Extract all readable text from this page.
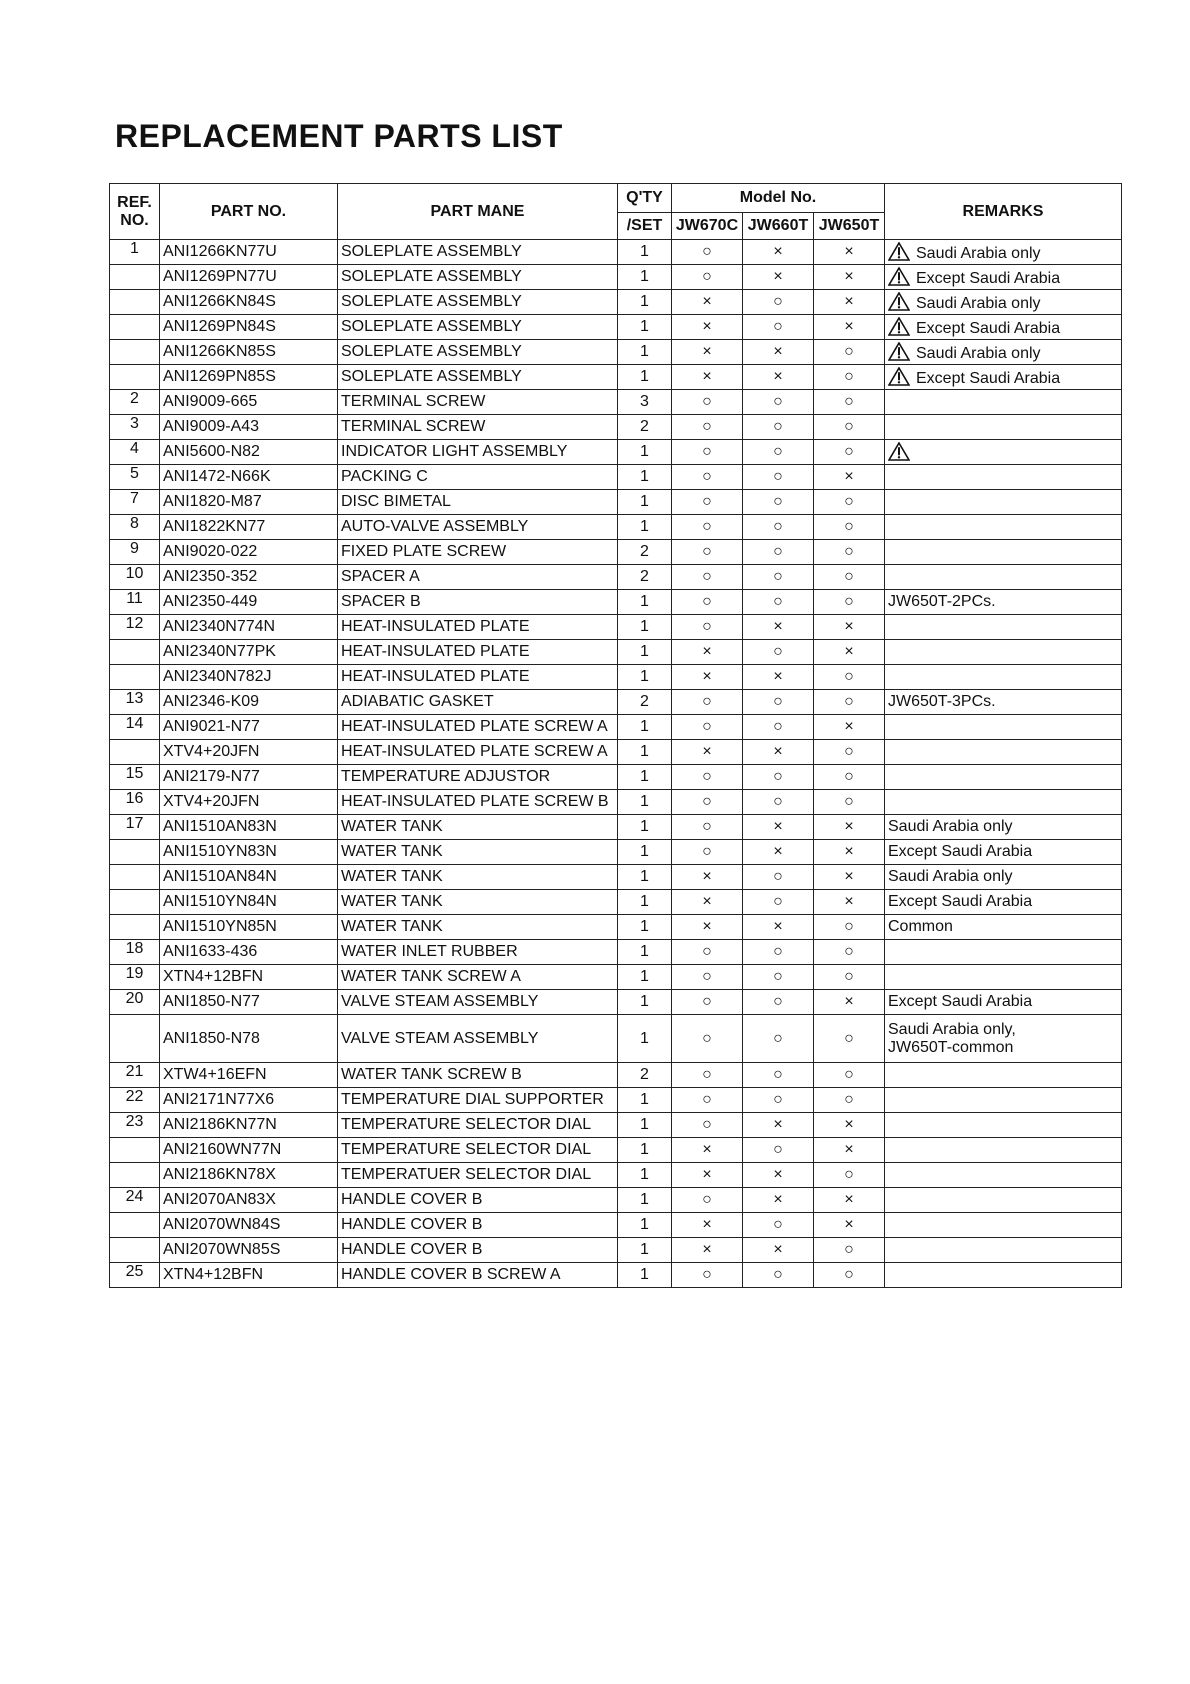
REPLACEMENT PARTS LIST
REF.
NO.	PART NO.	PART MANE	Q'TY	Model No.			REMARKS
			/SET	JW670C	JW660T	JW650T	
1	ANI1266KN77U	SOLEPLATE ASSEMBLY	1	○	×	×	Saudi Arabia only
	ANI1269PN77U	SOLEPLATE ASSEMBLY	1	○	×	×	Except Saudi Arabia
	ANI1266KN84S	SOLEPLATE ASSEMBLY	1	×	○	×	Saudi Arabia only
	ANI1269PN84S	SOLEPLATE ASSEMBLY	1	×	○	×	Except Saudi Arabia
	ANI1266KN85S	SOLEPLATE ASSEMBLY	1	×	×	○	Saudi Arabia only
	ANI1269PN85S	SOLEPLATE ASSEMBLY	1	×	×	○	Except Saudi Arabia
2	ANI9009-665	TERMINAL SCREW	3	○	○	○	
3	ANI9009-A43	TERMINAL SCREW	2	○	○	○	
4	ANI5600-N82	INDICATOR LIGHT ASSEMBLY	1	○	○	○	
5	ANI1472-N66K	PACKING C	1	○	○	×	
7	ANI1820-M87	DISC BIMETAL	1	○	○	○	
8	ANI1822KN77	AUTO-VALVE ASSEMBLY	1	○	○	○	
9	ANI9020-022	FIXED PLATE SCREW	2	○	○	○	
10	ANI2350-352	SPACER A	2	○	○	○	
11	ANI2350-449	SPACER B	1	○	○	○	JW650T-2PCs.
12	ANI2340N774N	HEAT-INSULATED PLATE	1	○	×	×	
	ANI2340N77PK	HEAT-INSULATED PLATE	1	×	○	×	
	ANI2340N782J	HEAT-INSULATED PLATE	1	×	×	○	
13	ANI2346-K09	ADIABATIC GASKET	2	○	○	○	JW650T-3PCs.
14	ANI9021-N77	HEAT-INSULATED PLATE SCREW A	1	○	○	×	
	XTV4+20JFN	HEAT-INSULATED PLATE SCREW A	1	×	×	○	
15	ANI2179-N77	TEMPERATURE ADJUSTOR	1	○	○	○	
16	XTV4+20JFN	HEAT-INSULATED PLATE SCREW B	1	○	○	○	
17	ANI1510AN83N	WATER TANK	1	○	×	×	Saudi Arabia only
	ANI1510YN83N	WATER TANK	1	○	×	×	Except Saudi Arabia
	ANI1510AN84N	WATER TANK	1	×	○	×	Saudi Arabia only
	ANI1510YN84N	WATER TANK	1	×	○	×	Except Saudi Arabia
	ANI1510YN85N	WATER TANK	1	×	×	○	Common
18	ANI1633-436	WATER INLET RUBBER	1	○	○	○	
19	XTN4+12BFN	WATER TANK SCREW A	1	○	○	○	
20	ANI1850-N77	VALVE STEAM ASSEMBLY	1	○	○	×	Except Saudi Arabia
	ANI1850-N78	VALVE STEAM ASSEMBLY	1	○	○	○	Saudi Arabia only,
JW650T-common
21	XTW4+16EFN	WATER TANK SCREW B	2	○	○	○	
22	ANI2171N77X6	TEMPERATURE DIAL SUPPORTER	1	○	○	○	
23	ANI2186KN77N	TEMPERATURE SELECTOR DIAL	1	○	×	×	
	ANI2160WN77N	TEMPERATURE SELECTOR DIAL	1	×	○	×	
	ANI2186KN78X	TEMPERATUER SELECTOR DIAL	1	×	×	○	
24	ANI2070AN83X	HANDLE COVER B	1	○	×	×	
	ANI2070WN84S	HANDLE COVER B	1	×	○	×	
	ANI2070WN85S	HANDLE COVER B	1	×	×	○	
25	XTN4+12BFN	HANDLE COVER B SCREW A	1	○	○	○	
